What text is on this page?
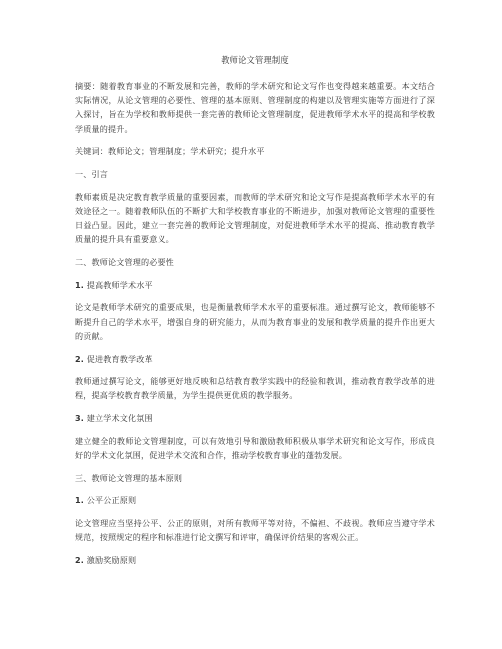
教师论文管理制度

摘要：随着教育事业的不断发展和完善，教师的学术研究和论文写作也变得越来越重要。本文结合实际情况，从论文管理的必要性、管理的基本原则、管理制度的构建以及管理实施等方面进行了深入探讨，旨在为学校和教师提供一套完善的教师论文管理制度，促进教师学术水平的提高和学校教学质量的提升。

关键词：教师论文；管理制度；学术研究；提升水平

一、引言

教师素质是决定教育教学质量的重要因素，而教师的学术研究和论文写作是提高教师学术水平的有效途径之一。随着教师队伍的不断扩大和学校教育事业的不断进步，加强对教师论文管理的重要性日益凸显。因此，建立一套完善的教师论文管理制度，对促进教师学术水平的提高、推动教育教学质量的提升具有重要意义。

二、教师论文管理的必要性
1. 提高教师学术水平

论文是教师学术研究的重要成果，也是衡量教师学术水平的重要标准。通过撰写论文，教师能够不断提升自己的学术水平，增强自身的研究能力，从而为教育事业的发展和教学质量的提升作出更大的贡献。

2. 促进教育教学改革

教师通过撰写论文，能够更好地反映和总结教育教学实践中的经验和教训，推动教育教学改革的进程，提高学校教育教学质量，为学生提供更优质的教学服务。

3. 建立学术文化氛围

建立健全的教师论文管理制度，可以有效地引导和激励教师积极从事学术研究和论文写作，形成良好的学术文化氛围，促进学术交流和合作，推动学校教育事业的蓬勃发展。

三、教师论文管理的基本原则
1. 公平公正原则

论文管理应当坚持公平、公正的原则，对所有教师平等对待，不偏袒、不歧视。教师应当遵守学术规范，按照规定的程序和标准进行论文撰写和评审，确保评价结果的客观公正。

2. 激励奖励原则
